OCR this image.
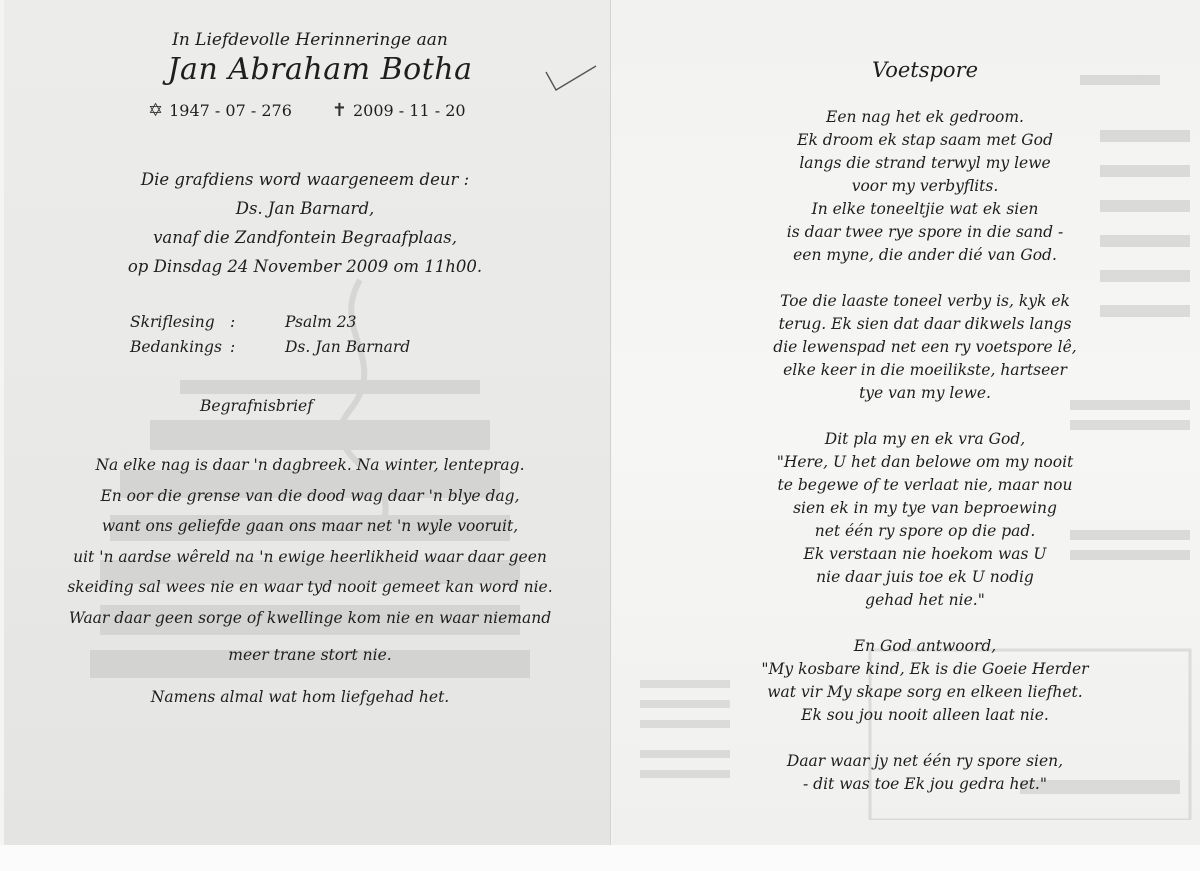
In Liefdevolle Herinneringe aan
Jan Abraham Botha
✡ 1947 - 07 - 276 ✝ 2009 - 11 - 20
Die grafdiens word waargeneem deur :
Ds. Jan Barnard,
vanaf die Zandfontein Begraafplaas,
op Dinsdag 24 November 2009 om 11h00.
Skriflesing :	Psalm 23
Bedankings :	Ds. Jan Barnard
Begrafnisbrief
Na elke nag is daar 'n dagbreek. Na winter, lenteprag.
En oor die grense van die dood wag daar 'n blye dag,
want ons geliefde gaan ons maar net 'n wyle vooruit,
uit 'n aardse wêreld na 'n ewige heerlikheid waar daar geen
skeiding sal wees nie en waar tyd nooit gemeet kan word nie.
Waar daar geen sorge of kwellinge kom nie en waar niemand
meer trane stort nie.
Namens almal wat hom liefgehad het.
Voetspore
Een nag het ek gedroom.
Ek droom ek stap saam met God
langs die strand terwyl my lewe
voor my verbyflits.
In elke toneeltjie wat ek sien
is daar twee rye spore in die sand -
een myne, die ander dié van God.
Toe die laaste toneel verby is, kyk ek
terug. Ek sien dat daar dikwels langs
die lewenspad net een ry voetspore lê,
elke keer in die moeilikste, hartseer
tye van my lewe.
Dit pla my en ek vra God,
"Here, U het dan belowe om my nooit
te begewe of te verlaat nie, maar nou
sien ek in my tye van beproewing
net één ry spore op die pad.
Ek verstaan nie hoekom was U
nie daar juis toe ek U nodig
gehad het nie."
En God antwoord,
"My kosbare kind, Ek is die Goeie Herder
wat vir My skape sorg en elkeen liefhet.
Ek sou jou nooit alleen laat nie.
Daar waar jy net één ry spore sien,
- dit was toe Ek jou gedra het."
